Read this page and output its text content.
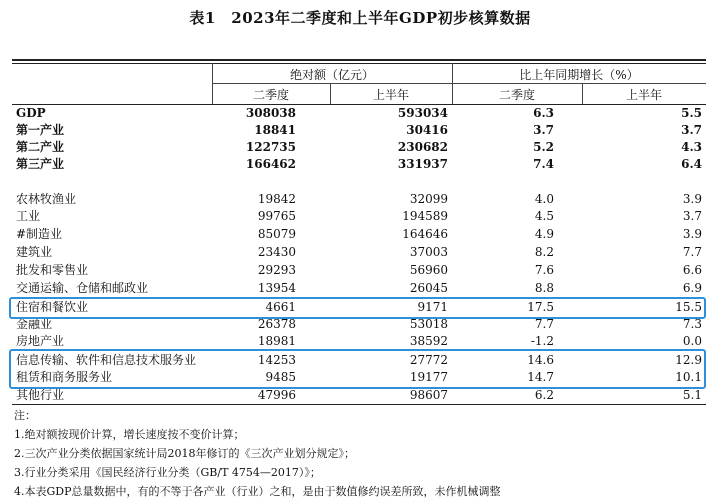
表1　2023年二季度和上半年GDP初步核算数据
绝对额（亿元）	比上年同期增长（%）
二季度	上半年	二季度	上半年
GDP	308038	593034	6.3	5.5
第一产业	18841	30416	3.7	3.7
第二产业	122735	230682	5.2	4.3
第三产业	166462	331937	7.4	6.4
农林牧渔业	19842	32099	4.0	3.9
工业	99765	194589	4.5	3.7
#制造业	85079	164646	4.9	3.9
建筑业	23430	37003	8.2	7.7
批发和零售业	29293	56960	7.6	6.6
交通运输、仓储和邮政业	13954	26045	8.8	6.9
住宿和餐饮业	4661	9171	17.5	15.5
金融业	26378	53018	7.7	7.3
房地产业	18981	38592	-1.2	0.0
信息传输、软件和信息技术服务业	14253	27772	14.6	12.9
租赁和商务服务业	9485	19177	14.7	10.1
其他行业	47996	98607	6.2	5.1
注：
1.绝对额按现价计算，增长速度按不变价计算；
2.三次产业分类依据国家统计局2018年修订的《三次产业划分规定》；
3.行业分类采用《国民经济行业分类（GB/T 4754—2017）》；
4.本表GDP总量数据中，有的不等于各产业（行业）之和，是由于数值修约误差所致，未作机械调整
